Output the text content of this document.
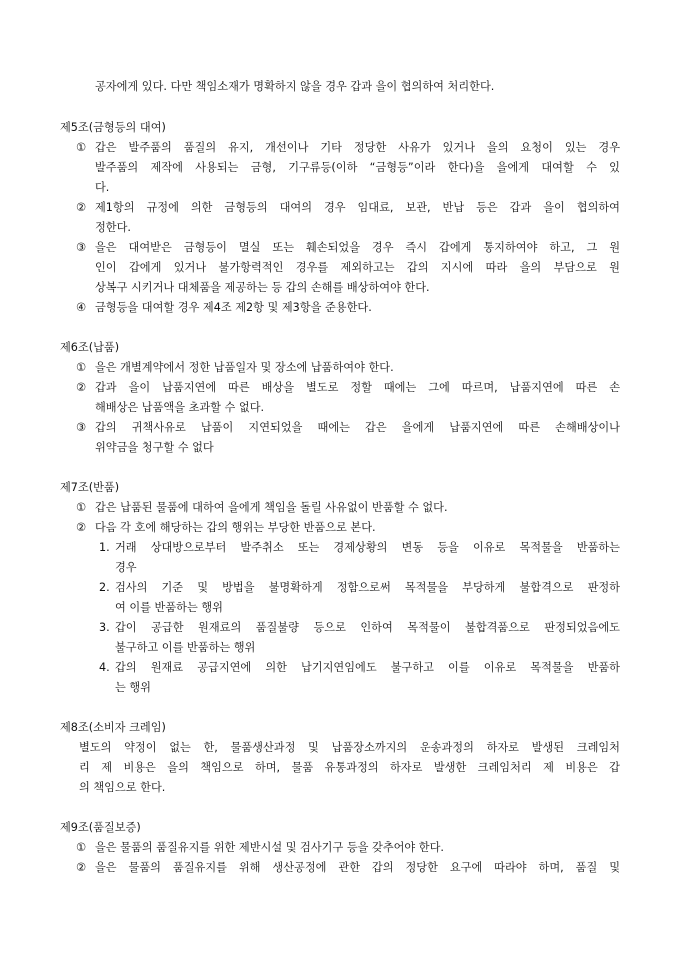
공자에게 있다. 다만 책임소재가 명확하지 않을 경우 갑과 을이 협의하여 처리한다.
제5조(금형등의 대여)
① 갑은 발주품의 품질의 유지, 개선이나 기타 정당한 사유가 있거나 을의 요청이 있는 경우
발주품의 제작에 사용되는 금형, 기구류등(이하 “금형등”이라 한다)을 을에게 대여할 수 있
다.
② 제1항의 규정에 의한 금형등의 대여의 경우 임대료, 보관, 반납 등은 갑과 을이 협의하여
정한다.
③ 을은 대여받은 금형등이 멸실 또는 훼손되었을 경우 즉시 갑에게 통지하여야 하고, 그 원
인이 갑에게 있거나 불가항력적인 경우를 제외하고는 갑의 지시에 따라 을의 부담으로 원
상복구 시키거나 대체품을 제공하는 등 갑의 손해를 배상하여야 한다.
④ 금형등을 대여할 경우 제4조 제2항 및 제3항을 준용한다.
제6조(납품)
① 을은 개별계약에서 정한 납품일자 및 장소에 납품하여야 한다.
② 갑과 을이 납품지연에 따른 배상을 별도로 정할 때에는 그에 따르며, 납품지연에 따른 손
해배상은 납품액을 초과할 수 없다.
③ 갑의 귀책사유로 납품이 지연되었을 때에는 갑은 을에게 납품지연에 따른 손해배상이나
위약금을 청구할 수 없다
제7조(반품)
① 갑은 납품된 물품에 대하여 을에게 책임을 돌릴 사유없이 반품할 수 없다.
② 다음 각 호에 해당하는 갑의 행위는 부당한 반품으로 본다.
1. 거래 상대방으로부터 발주취소 또는 경제상황의 변동 등을 이유로 목적물을 반품하는
경우
2. 검사의 기준 및 방법을 불명확하게 정함으로써 목적물을 부당하게 불합격으로 판정하
여 이를 반품하는 행위
3. 갑이 공급한 원재료의 품질불량 등으로 인하여 목적물이 불합격품으로 판정되었음에도
불구하고 이를 반품하는 행위
4. 갑의 원재료 공급지연에 의한 납기지연임에도 불구하고 이를 이유로 목적물을 반품하
는 행위
제8조(소비자 크레임)
별도의 약정이 없는 한, 물품생산과정 및 납품장소까지의 운송과정의 하자로 발생된 크레임처
리 제 비용은 을의 책임으로 하며, 물품 유통과정의 하자로 발생한 크레임처리 제 비용은 갑
의 책임으로 한다.
제9조(품질보증)
① 을은 물품의 품질유지를 위한 제반시설 및 검사기구 등을 갖추어야 한다.
② 을은 물품의 품질유지를 위해 생산공정에 관한 갑의 정당한 요구에 따라야 하며, 품질 및
